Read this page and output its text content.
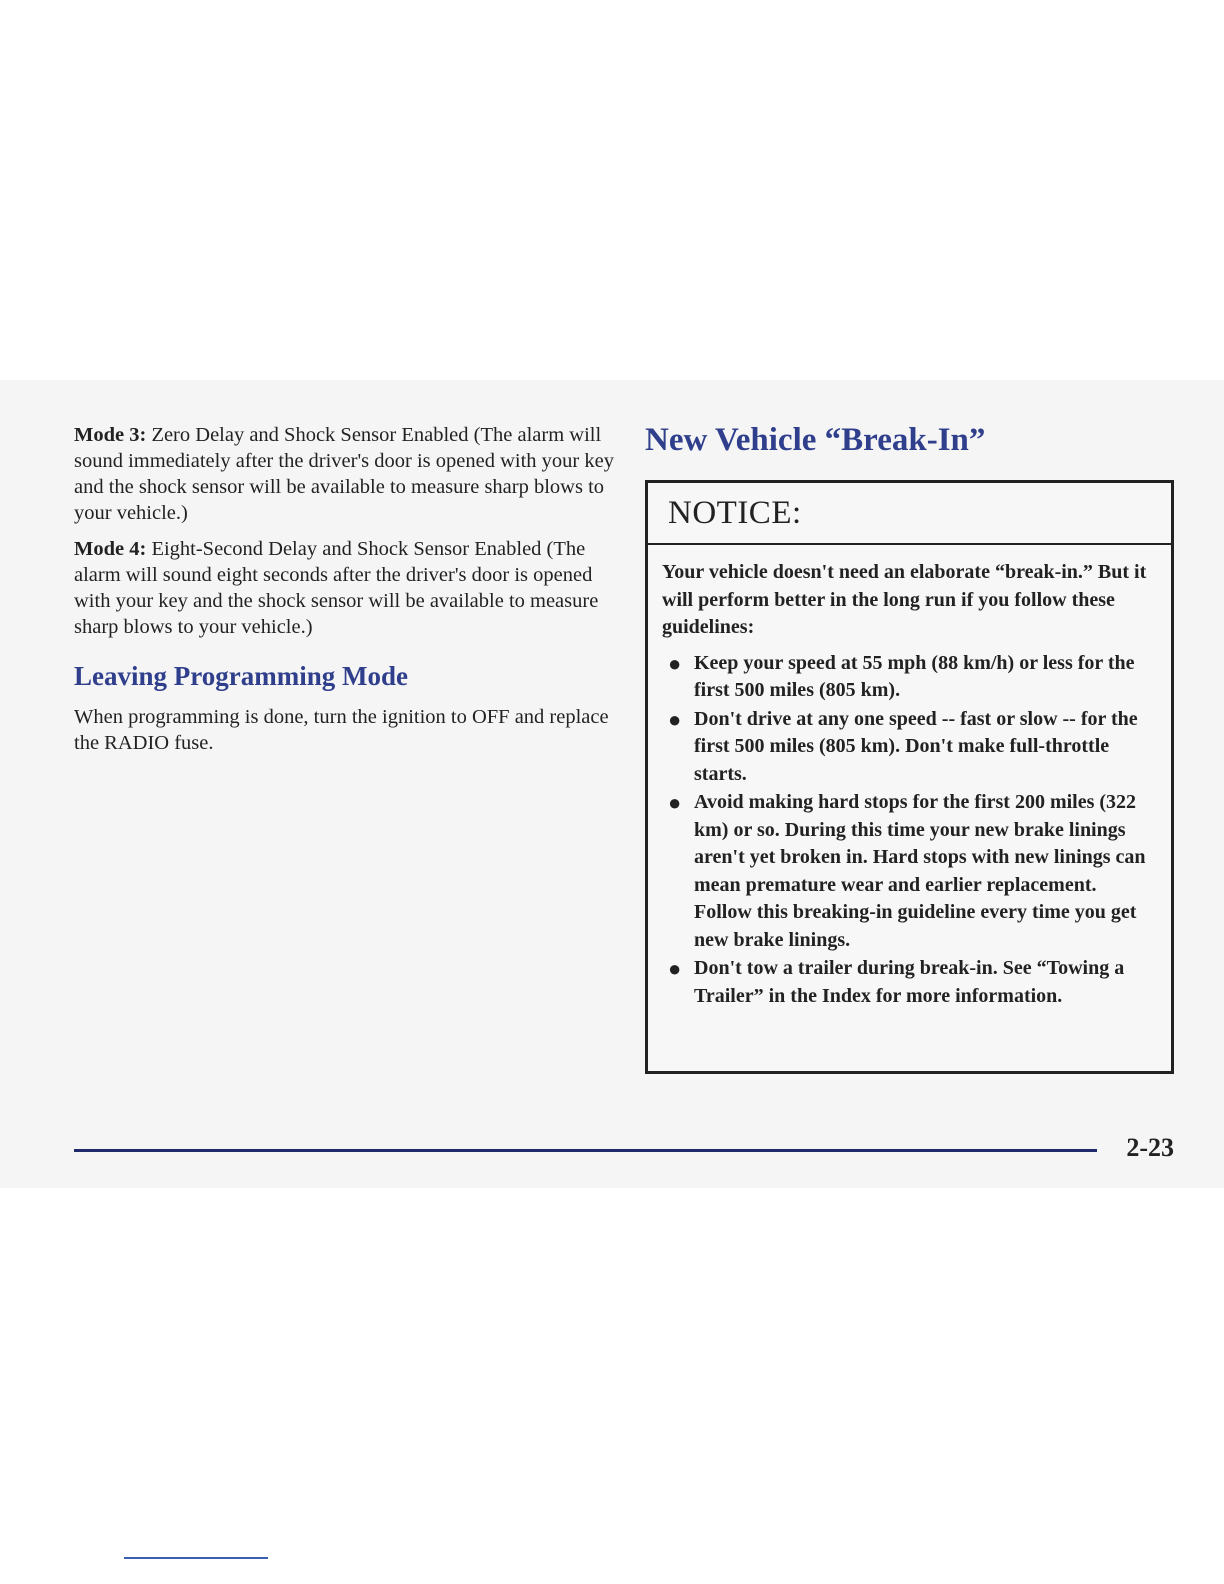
Mode 3: Zero Delay and Shock Sensor Enabled (The alarm will sound immediately after the driver's door is opened with your key and the shock sensor will be available to measure sharp blows to your vehicle.)

Mode 4: Eight-Second Delay and Shock Sensor Enabled (The alarm will sound eight seconds after the driver's door is opened with your key and the shock sensor will be available to measure sharp blows to your vehicle.)

Leaving Programming Mode

When programming is done, turn the ignition to OFF and replace the RADIO fuse.

New Vehicle “Break-In”
NOTICE:

Your vehicle doesn't need an elaborate “break-in.” But it will perform better in the long run if you follow these guidelines:

● Keep your speed at 55 mph (88 km/h) or less for the first 500 miles (805 km).
● Don't drive at any one speed -- fast or slow -- for the first 500 miles (805 km). Don't make full-throttle starts.
● Avoid making hard stops for the first 200 miles (322 km) or so. During this time your new brake linings aren't yet broken in. Hard stops with new linings can mean premature wear and earlier replacement. Follow this breaking-in guideline every time you get new brake linings.
● Don't tow a trailer during break-in. See “Towing a Trailer” in the Index for more information.
2-23
